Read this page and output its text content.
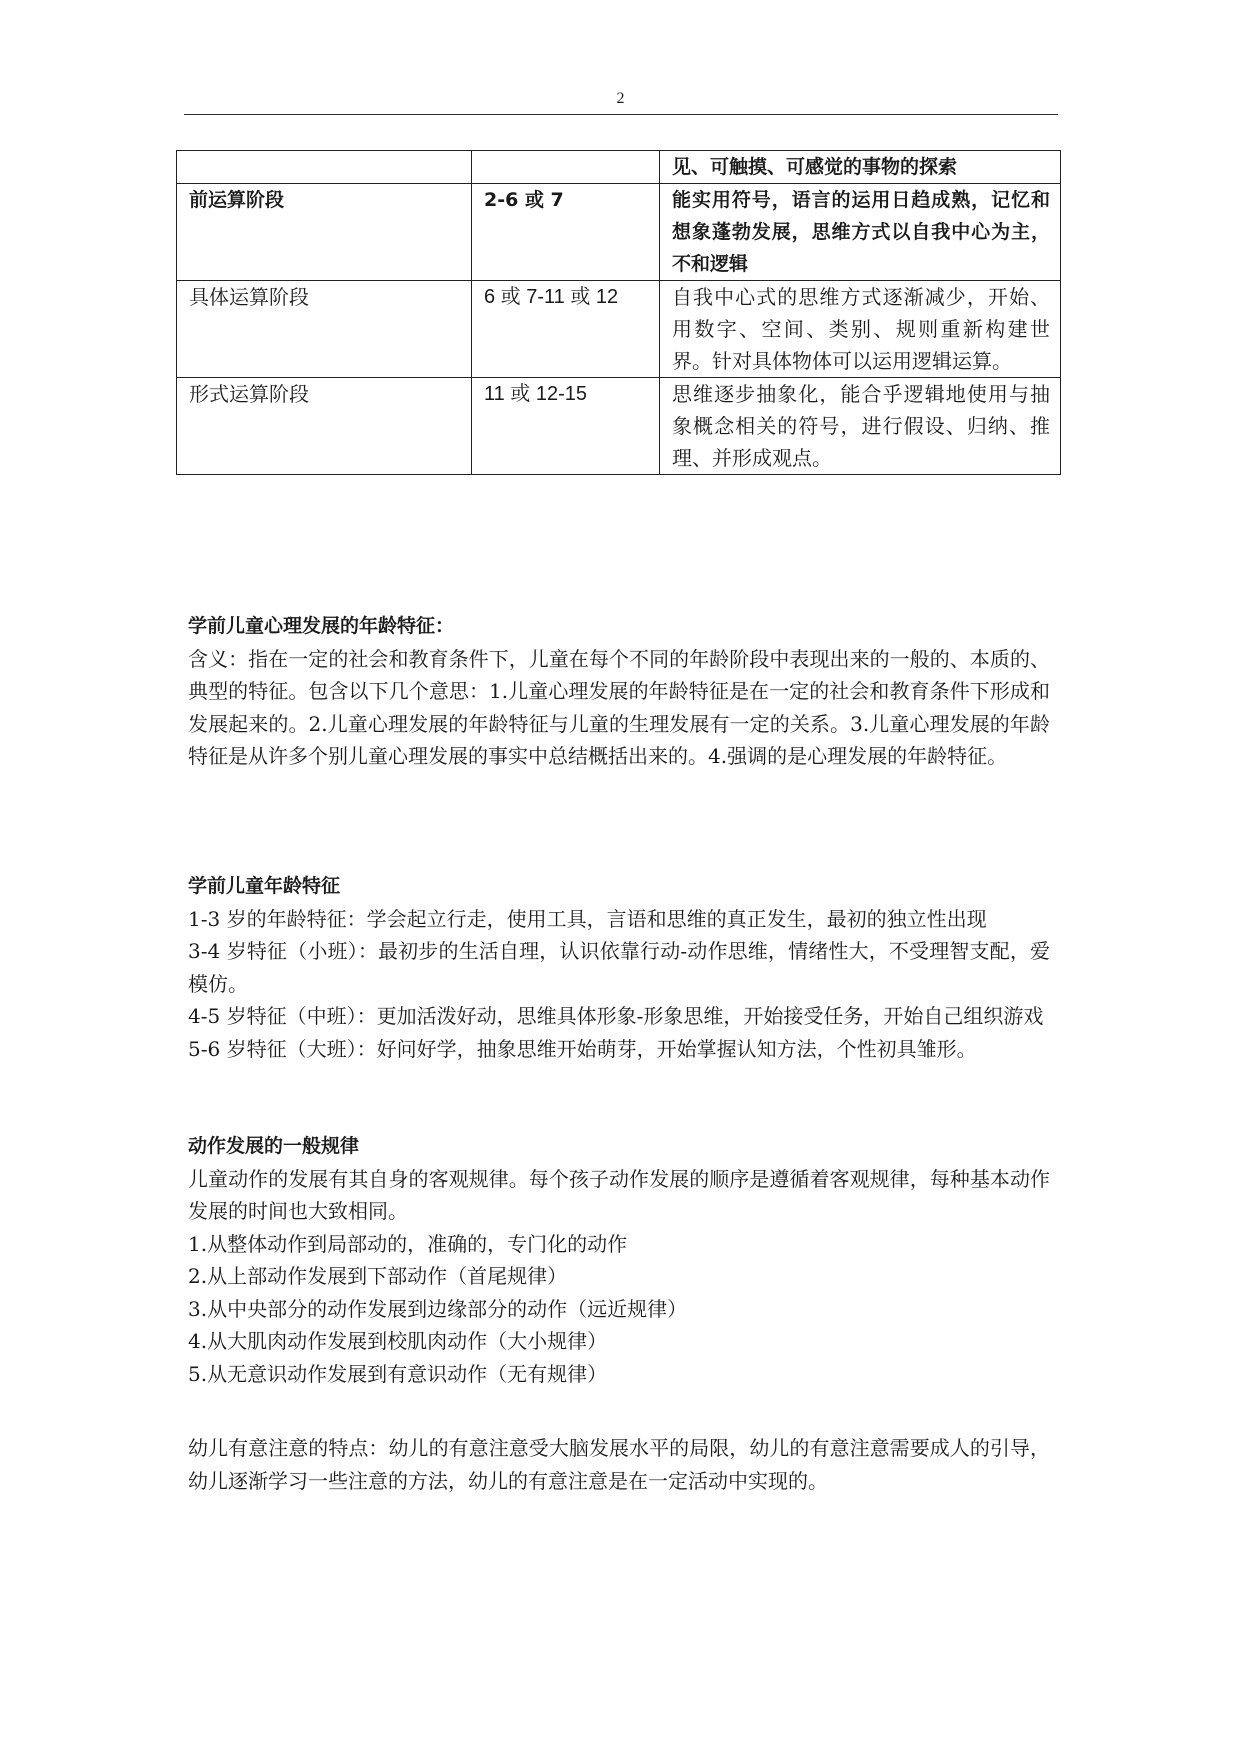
2
		见、可触摸、可感觉的事物的探索
前运算阶段	2-6 或 7	能实用符号，语言的运用日趋成熟，记忆和想象蓬勃发展，思维方式以自我中心为主，不和逻辑
具体运算阶段	6 或 7-11 或 12	自我中心式的思维方式逐渐减少，开始、用数字、空间、类别、规则重新构建世界。针对具体物体可以运用逻辑运算。
形式运算阶段	11 或 12-15	思维逐步抽象化，能合乎逻辑地使用与抽象概念相关的符号，进行假设、归纳、推理、并形成观点。
学前儿童心理发展的年龄特征：

含义：指在一定的社会和教育条件下，儿童在每个不同的年龄阶段中表现出来的一般的、本质的、典型的特征。包含以下几个意思：1.儿童心理发展的年龄特征是在一定的社会和教育条件下形成和发展起来的。2.儿童心理发展的年龄特征与儿童的生理发展有一定的关系。3.儿童心理发展的年龄特征是从许多个别儿童心理发展的事实中总结概括出来的。4.强调的是心理发展的年龄特征。

学前儿童年龄特征

1-3 岁的年龄特征：学会起立行走，使用工具，言语和思维的真正发生，最初的独立性出现

3-4 岁特征（小班）：最初步的生活自理，认识依靠行动-动作思维，情绪性大，不受理智支配，爱模仿。

4-5 岁特征（中班）：更加活泼好动，思维具体形象-形象思维，开始接受任务，开始自己组织游戏

5-6 岁特征（大班）：好问好学，抽象思维开始萌芽，开始掌握认知方法，个性初具雏形。

动作发展的一般规律

儿童动作的发展有其自身的客观规律。每个孩子动作发展的顺序是遵循着客观规律，每种基本动作发展的时间也大致相同。

1.从整体动作到局部动的，准确的，专门化的动作

2.从上部动作发展到下部动作（首尾规律）

3.从中央部分的动作发展到边缘部分的动作（远近规律）

4.从大肌肉动作发展到校肌肉动作（大小规律）

5.从无意识动作发展到有意识动作（无有规律）

幼儿有意注意的特点：幼儿的有意注意受大脑发展水平的局限，幼儿的有意注意需要成人的引导，幼儿逐渐学习一些注意的方法，幼儿的有意注意是在一定活动中实现的。
